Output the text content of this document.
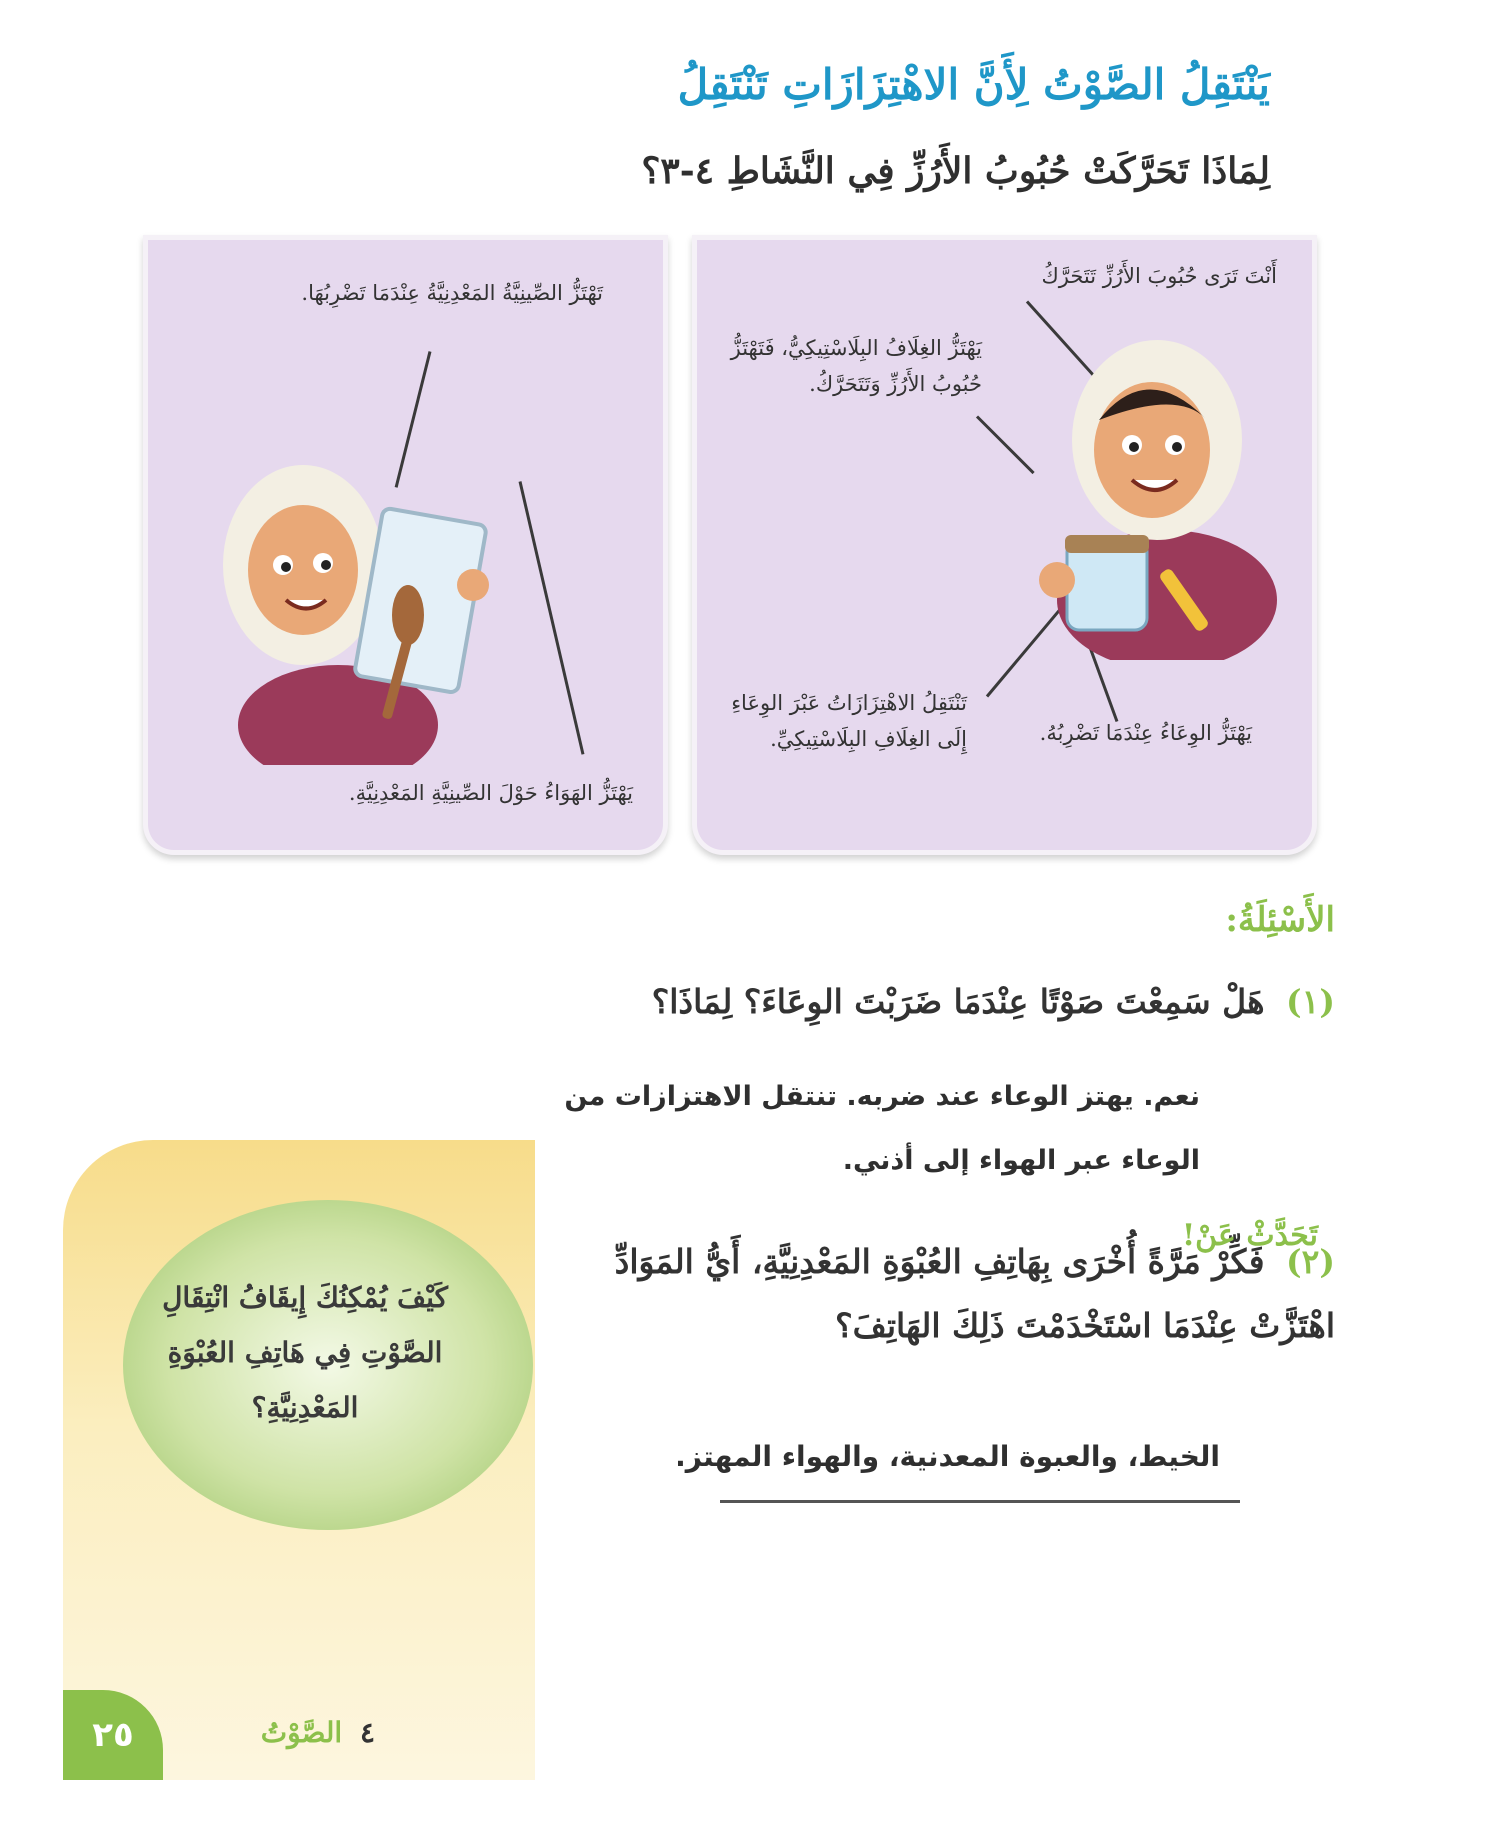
يَنْتَقِلُ الصَّوْتُ لِأَنَّ الاهْتِزَازَاتِ تَنْتَقِلُ
لِمَاذَا تَحَرَّكَتْ حُبُوبُ الأَرُزِّ فِي النَّشَاطِ ٤-٣؟
أَنْتَ تَرَى حُبُوبَ الأَرُزِّ تَتَحَرَّكُ
يَهْتَزُّ الغِلَافُ البِلَاسْتِيكِيُّ، فَتَهْتَزُّ حُبُوبُ الأَرُزِّ وَتَتَحَرَّكُ.
تَنْتَقِلُ الاهْتِزَازَاتُ عَبْرَ الوِعَاءِ إِلَى الغِلَافِ البِلَاسْتِيكِيِّ.	يَهْتَزُّ الوِعَاءُ عِنْدَمَا تَضْرِبُهُ.
تَهْتَزُّ الصِّينِيَّةُ المَعْدِنِيَّةُ عِنْدَمَا تَضْرِبُهَا.
يَهْتَزُّ الهَوَاءُ حَوْلَ الصِّينِيَّةِ المَعْدِنِيَّةِ.
الأَسْئِلَةُ:
(١) هَلْ سَمِعْتَ صَوْتًا عِنْدَمَا ضَرَبْتَ الوِعَاءَ؟ لِمَاذَا؟
نعم. يهتز الوعاء عند ضربه. تنتقل الاهتزازات من الوعاء عبر الهواء إلى أذني.
(٢) فَكِّرْ مَرَّةً أُخْرَى بِهَاتِفِ العُبْوَةِ المَعْدِنِيَّةِ، أَيُّ المَوَادِّ اهْتَزَّتْ عِنْدَمَا اسْتَخْدَمْتَ ذَلِكَ الهَاتِفَ؟
الخيط، والعبوة المعدنية، والهواء المهتز.
تَحَدَّثْ عَنْ!
كَيْفَ يُمْكِنُكَ إِيقَافُ انْتِقَالِ الصَّوْتِ فِي هَاتِفِ العُبْوَةِ المَعْدِنِيَّةِ؟
٢٥	٤ الصَّوْتُ
